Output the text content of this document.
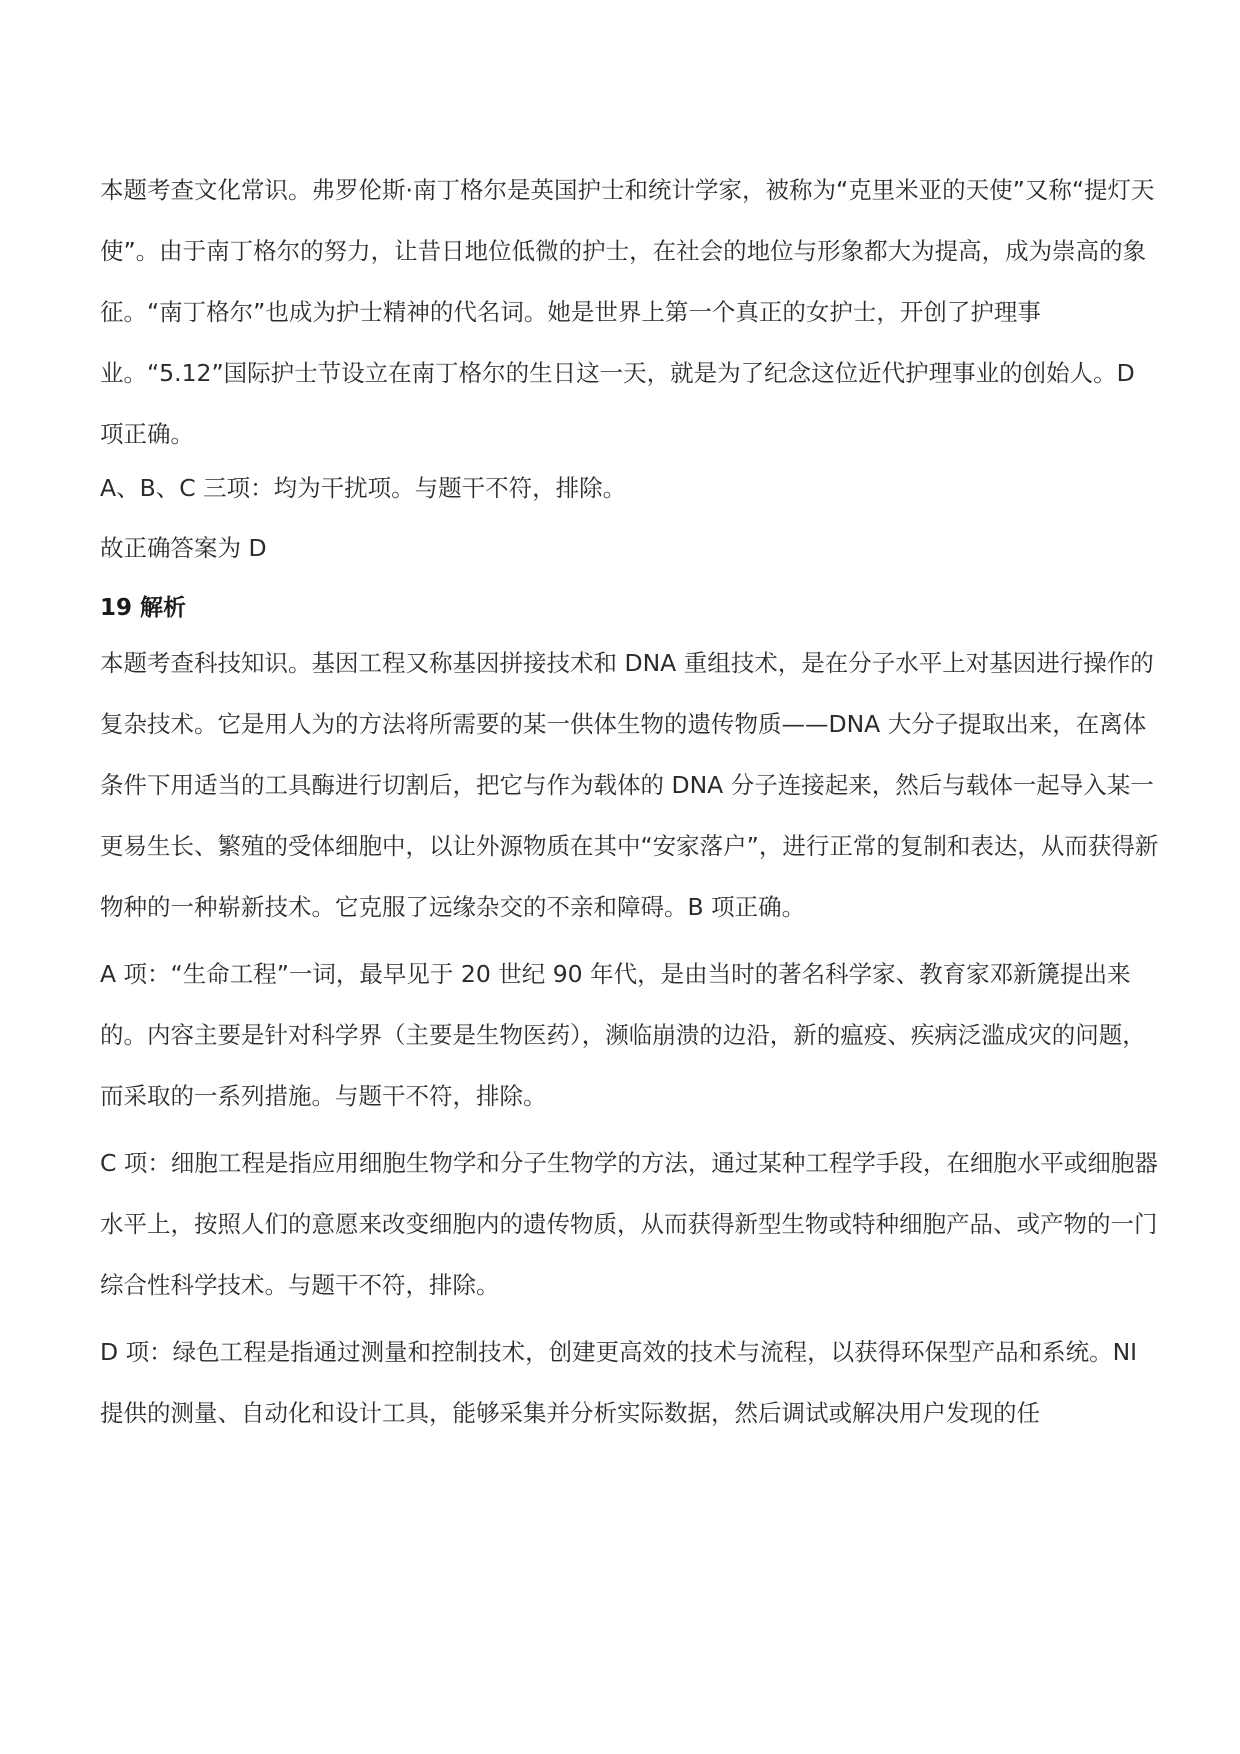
本题考查文化常识。弗罗伦斯·南丁格尔是英国护士和统计学家，被称为“克里米亚的天使”又称“提灯天使”。由于南丁格尔的努力，让昔日地位低微的护士，在社会的地位与形象都大为提高，成为崇高的象征。“南丁格尔”也成为护士精神的代名词。她是世界上第一个真正的女护士，开创了护理事业。“5.12”国际护士节设立在南丁格尔的生日这一天，就是为了纪念这位近代护理事业的创始人。D 项正确。

A、B、C 三项：均为干扰项。与题干不符，排除。

故正确答案为 D

19 解析

本题考查科技知识。基因工程又称基因拼接技术和 DNA 重组技术，是在分子水平上对基因进行操作的复杂技术。它是用人为的方法将所需要的某一供体生物的遗传物质——DNA 大分子提取出来，在离体条件下用适当的工具酶进行切割后，把它与作为载体的 DNA 分子连接起来，然后与载体一起导入某一更易生长、繁殖的受体细胞中，以让外源物质在其中“安家落户”，进行正常的复制和表达，从而获得新物种的一种崭新技术。它克服了远缘杂交的不亲和障碍。B 项正确。

A 项：“生命工程”一词，最早见于 20 世纪 90 年代，是由当时的著名科学家、教育家邓新篪提出来的。内容主要是针对科学界（主要是生物医药），濒临崩溃的边沿，新的瘟疫、疾病泛滥成灾的问题，而采取的一系列措施。与题干不符，排除。

C 项：细胞工程是指应用细胞生物学和分子生物学的方法，通过某种工程学手段，在细胞水平或细胞器水平上，按照人们的意愿来改变细胞内的遗传物质，从而获得新型生物或特种细胞产品、或产物的一门综合性科学技术。与题干不符，排除。

D 项：绿色工程是指通过测量和控制技术，创建更高效的技术与流程，以获得环保型产品和系统。NI 提供的测量、自动化和设计工具，能够采集并分析实际数据，然后调试或解决用户发现的任
